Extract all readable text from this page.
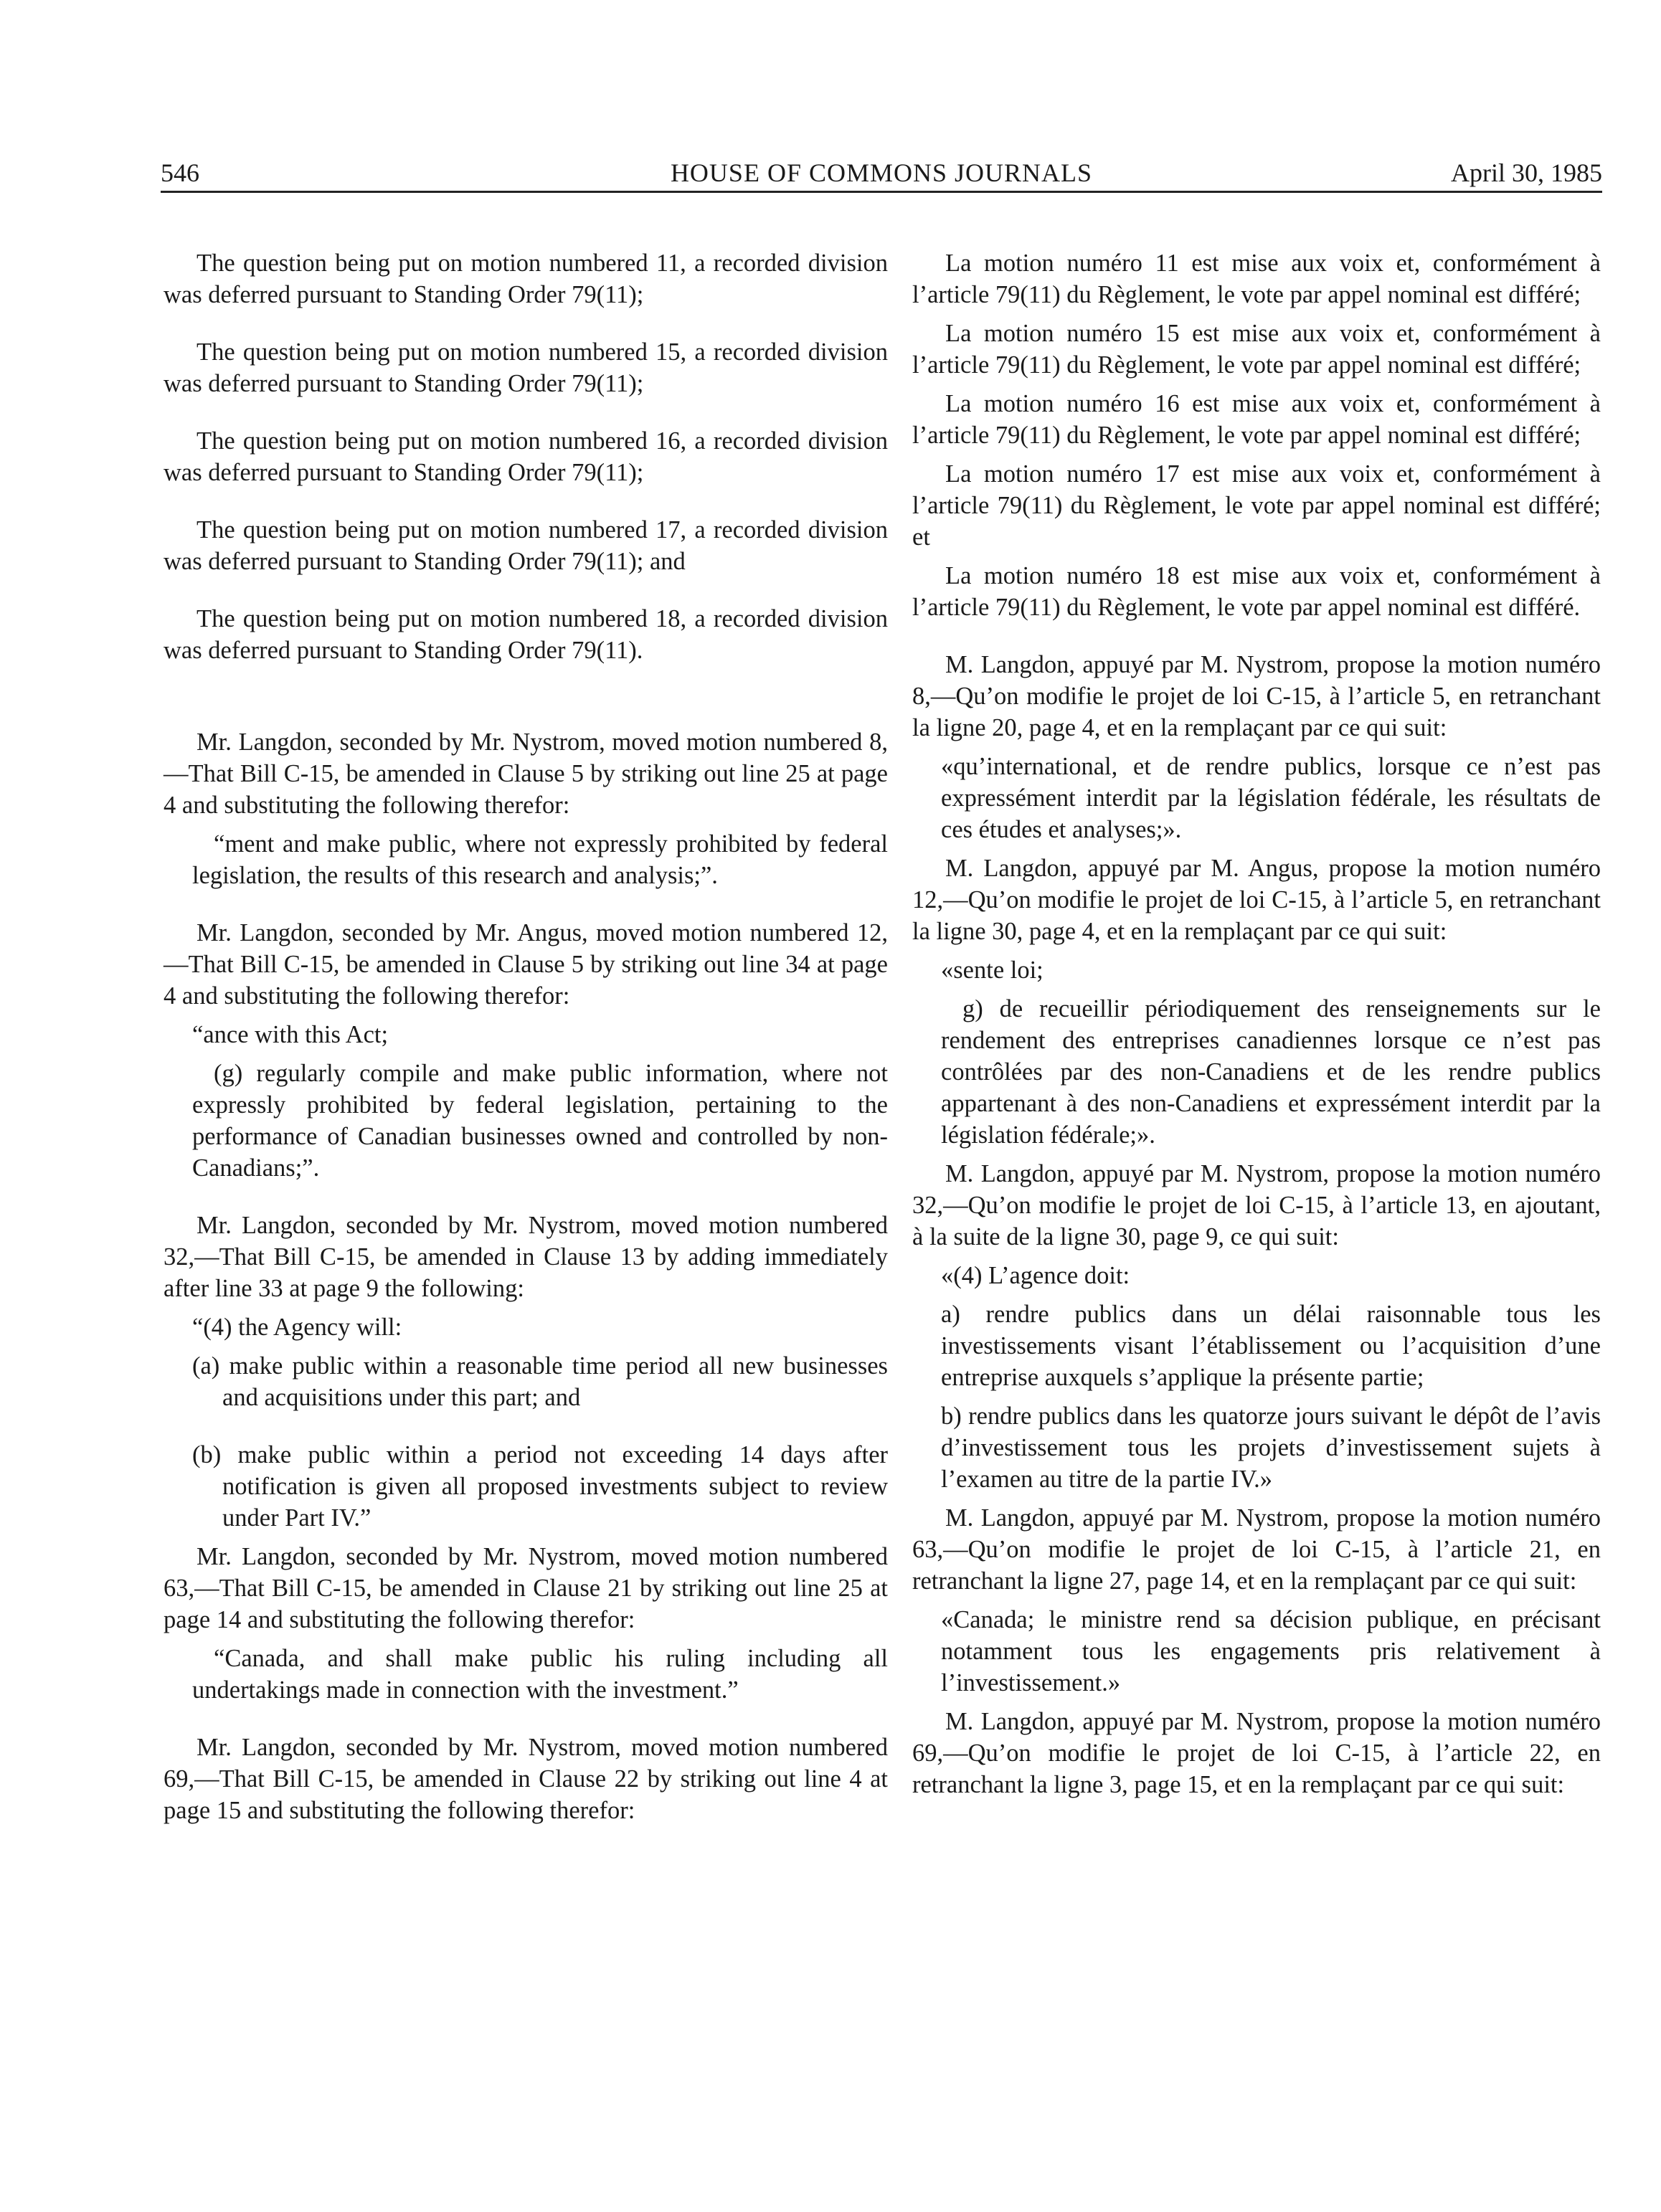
546	HOUSE OF COMMONS JOURNALS	April 30, 1985

The question being put on motion numbered 11, a recorded division was deferred pursuant to Standing Order 79(11);

The question being put on motion numbered 15, a recorded division was deferred pursuant to Standing Order 79(11);

The question being put on motion numbered 16, a recorded division was deferred pursuant to Standing Order 79(11);

The question being put on motion numbered 17, a recorded division was deferred pursuant to Standing Order 79(11); and

The question being put on motion numbered 18, a recorded division was deferred pursuant to Standing Order 79(11).

Mr. Langdon, seconded by Mr. Nystrom, moved motion numbered 8,—That Bill C-15, be amended in Clause 5 by striking out line 25 at page 4 and substituting the following therefor:

“ment and make public, where not expressly prohibited by federal legislation, the results of this research and analysis;”.

Mr. Langdon, seconded by Mr. Angus, moved motion numbered 12,—That Bill C-15, be amended in Clause 5 by striking out line 34 at page 4 and substituting the following therefor:

“ance with this Act;

(g) regularly compile and make public information, where not expressly prohibited by federal legislation, pertaining to the performance of Canadian businesses owned and controlled by non-Canadians;”.

Mr. Langdon, seconded by Mr. Nystrom, moved motion numbered 32,—That Bill C-15, be amended in Clause 13 by adding immediately after line 33 at page 9 the following:

“(4) the Agency will:

(a) make public within a reasonable time period all new businesses and acquisitions under this part; and

(b) make public within a period not exceeding 14 days after notification is given all proposed investments subject to review under Part IV.”

Mr. Langdon, seconded by Mr. Nystrom, moved motion numbered 63,—That Bill C-15, be amended in Clause 21 by striking out line 25 at page 14 and substituting the following therefor:

“Canada, and shall make public his ruling including all undertakings made in connection with the investment.”

Mr. Langdon, seconded by Mr. Nystrom, moved motion numbered 69,—That Bill C-15, be amended in Clause 22 by striking out line 4 at page 15 and substituting the following therefor:

La motion numéro 11 est mise aux voix et, conformément à l’article 79(11) du Règlement, le vote par appel nominal est différé;

La motion numéro 15 est mise aux voix et, conformément à l’article 79(11) du Règlement, le vote par appel nominal est différé;

La motion numéro 16 est mise aux voix et, conformément à l’article 79(11) du Règlement, le vote par appel nominal est différé;

La motion numéro 17 est mise aux voix et, conformément à l’article 79(11) du Règlement, le vote par appel nominal est différé; et

La motion numéro 18 est mise aux voix et, conformément à l’article 79(11) du Règlement, le vote par appel nominal est différé.

M. Langdon, appuyé par M. Nystrom, propose la motion numéro 8,—Qu’on modifie le projet de loi C-15, à l’article 5, en retranchant la ligne 20, page 4, et en la remplaçant par ce qui suit:

«qu’international, et de rendre publics, lorsque ce n’est pas expressément interdit par la législation fédérale, les résultats de ces études et analyses;».

M. Langdon, appuyé par M. Angus, propose la motion numéro 12,—Qu’on modifie le projet de loi C-15, à l’article 5, en retranchant la ligne 30, page 4, et en la remplaçant par ce qui suit:

«sente loi;

g) de recueillir périodiquement des renseignements sur le rendement des entreprises canadiennes lorsque ce n’est pas contrôlées par des non-Canadiens et de les rendre publics appartenant à des non-Canadiens et expressément interdit par la législation fédérale;».

M. Langdon, appuyé par M. Nystrom, propose la motion numéro 32,—Qu’on modifie le projet de loi C-15, à l’article 13, en ajoutant, à la suite de la ligne 30, page 9, ce qui suit:

«(4) L’agence doit:

a) rendre publics dans un délai raisonnable tous les investissements visant l’établissement ou l’acquisition d’une entreprise auxquels s’applique la présente partie;

b) rendre publics dans les quatorze jours suivant le dépôt de l’avis d’investissement tous les projets d’investissement sujets à l’examen au titre de la partie IV.»

M. Langdon, appuyé par M. Nystrom, propose la motion numéro 63,—Qu’on modifie le projet de loi C-15, à l’article 21, en retranchant la ligne 27, page 14, et en la remplaçant par ce qui suit:

«Canada; le ministre rend sa décision publique, en précisant notamment tous les engagements pris relativement à l’investissement.»

M. Langdon, appuyé par M. Nystrom, propose la motion numéro 69,—Qu’on modifie le projet de loi C-15, à l’article 22, en retranchant la ligne 3, page 15, et en la remplaçant par ce qui suit:
